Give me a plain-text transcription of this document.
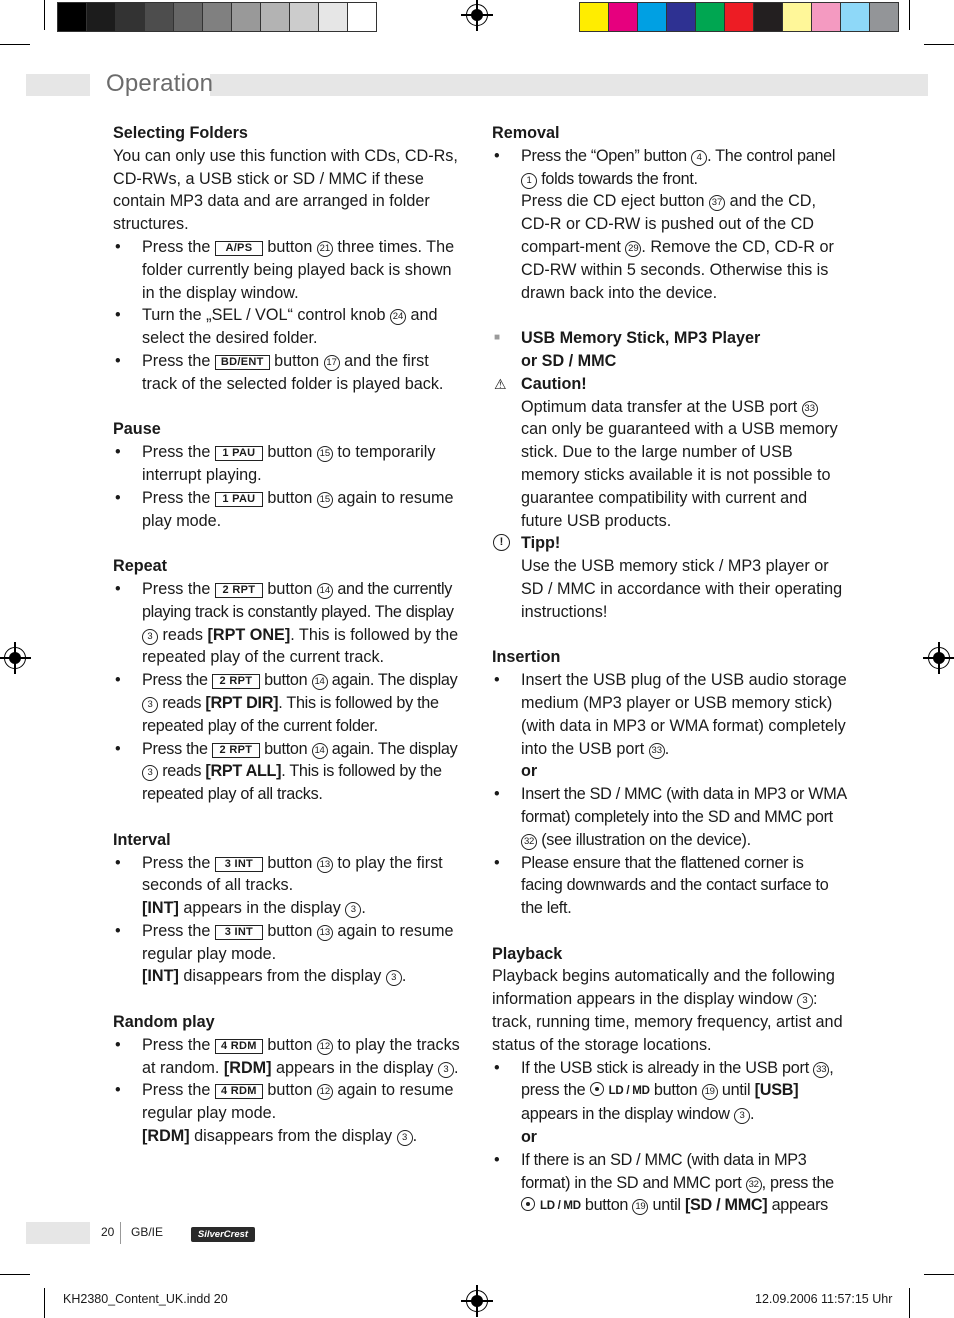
Operation
Selecting Folders

You can only use this function with CDs, CD-Rs, CD-RWs, a USB stick or SD / MMC if these contain MP3 data and are arranged in folder structures.

• Press the A/PS button 21 three times. The folder currently being played back is shown in the display window.
• Turn the „SEL / VOL“ control knob 24 and select the desired folder.
• Press the BD/ENT button 17 and the first track of the selected folder is played back.
Pause
• Press the 1 PAU button 15 to temporarily interrupt playing.
• Press the 1 PAU button 15 again to resume play mode.
Repeat
• Press the 2 RPT button 14 and the currently playing track is constantly played. The display 3 reads [RPT ONE]. This is followed by the repeated play of the current track.
• Press the 2 RPT button 14 again. The display 3 reads [RPT DIR]. This is followed by the repeated play of the current folder.
• Press the 2 RPT button 14 again. The display 3 reads [RPT ALL]. This is followed by the repeated play of all tracks.
Interval
• Press the 3 INT button 13 to play the first seconds of all tracks.
[INT] appears in the display 3 .
• Press the 3 INT button 13 again to resume regular play mode.
[INT] disappears from the display 3 .
Random play
• Press the 4 RDM button 12 to play the tracks at random. [RDM] appears in the display 3 .
• Press the 4 RDM button 12 again to resume regular play mode.
[RDM] disappears from the display 3 .
Removal
• Press the “Open” button 4 . The control panel 1 folds towards the front.
Press die CD eject button 37 and the CD, CD-R or CD-RW is pushed out of the CD compart-ment 29 . Remove the CD, CD-R or CD-RW within 5 seconds. Otherwise this is drawn back into the device.
■ USB Memory Stick, MP3 Player
or SD / MMC
⚠ Caution!
Optimum data transfer at the USB port 33 can only be guaranteed with a USB memory stick. Due to the large number of USB memory sticks available it is not possible to guarantee compatibility with current and future USB products.
!	Tipp!
Use the USB memory stick / MP3 player or SD / MMC in accordance with their operating instructions!
Insertion
• Insert the USB plug of the USB audio storage medium (MP3 player or USB memory stick) (with data in MP3 or WMA format) completely into the USB port 33 .
or
• Insert the SD / MMC (with data in MP3 or WMA format) completely into the SD and MMC port 32 (see illustration on the device).
• Please ensure that the flattened corner is facing downwards and the contact surface to the left.
Playback

Playback begins automatically and the following information appears in the display window 3 : track, running time, memory frequency, artist and status of the storage locations.

• If the USB stick is already in the USB port 33 , press the LD / MD button 19 until [USB] appears in the display window 3 .
or
• If there is an SD / MMC (with data in MP3 format) in the SD and MMC port 32 , press the LD / MD button 19 until [SD / MMC] appears
20 GB/IE	SilverCrest
KH2380_Content_UK.indd 20	12.09.2006 11:57:15 Uhr
